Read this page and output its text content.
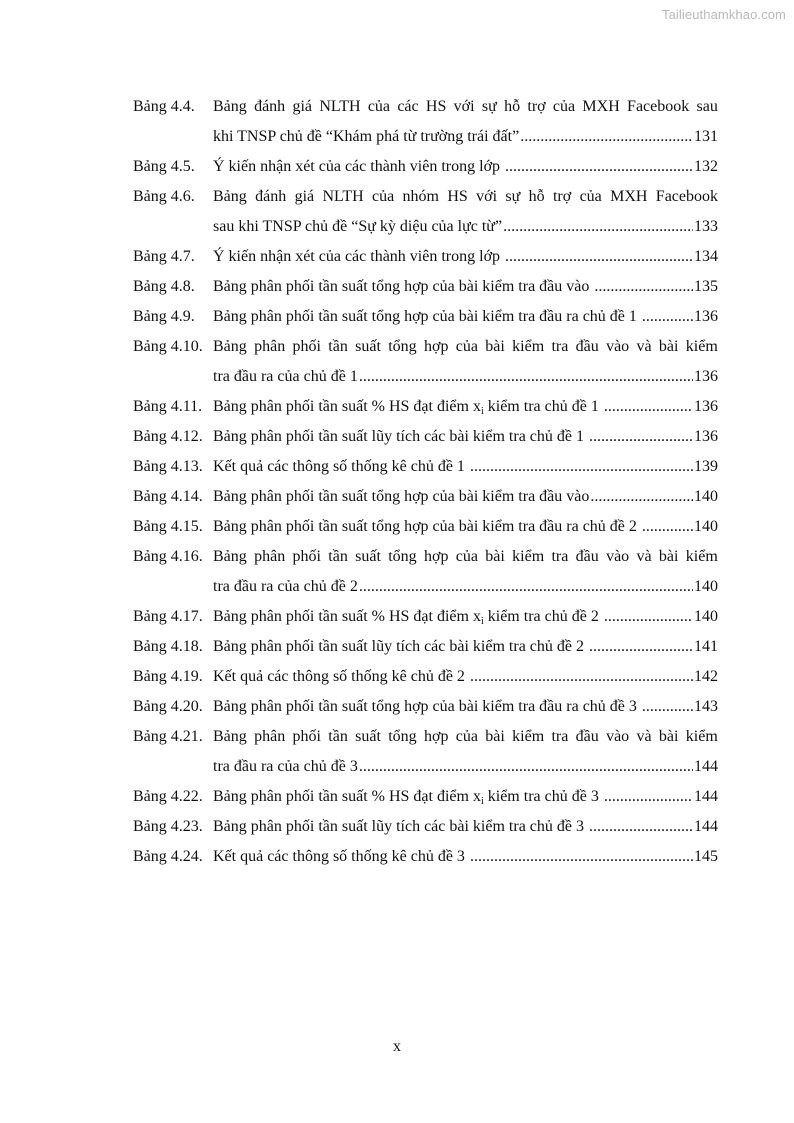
Tailieuthamkhao.com
Bảng 4.4.	Bảng đánh giá NLTH của các HS với sự hỗ trợ của MXH Facebook sau
khi TNSP chủ đề “Khám phá từ trường trái đất” .....	131
Bảng 4.5.	Ý kiến nhận xét của các thành viên trong lớp .....	132
Bảng 4.6.	Bảng đánh giá NLTH của nhóm HS với sự hỗ trợ của MXH Facebook
sau khi TNSP chủ đề “Sự kỳ diệu của lực từ” .....	133
Bảng 4.7.	Ý kiến nhận xét của các thành viên trong lớp .....	134
Bảng 4.8.	Bảng phân phối tần suất tổng hợp của bài kiểm tra đầu vào .....	135
Bảng 4.9.	Bảng phân phối tần suất tổng hợp của bài kiểm tra đầu ra chủ đề 1 .....	136
Bảng 4.10. Bảng phân phối tần suất tổng hợp của bài kiểm tra đầu vào và bài kiểm
tra đầu ra của chủ đề 1 .....	136
Bảng 4.11. Bảng phân phối tần suất % HS đạt điểm $x_i$ kiểm tra chủ đề 1 .....	136
Bảng 4.12. Bảng phân phối tần suất lũy tích các bài kiểm tra chủ đề 1 .....	136
Bảng 4.13. Kết quả các thông số thống kê chủ đề 1 .....	139
Bảng 4.14. Bảng phân phối tần suất tổng hợp của bài kiểm tra đầu vào .....	140
Bảng 4.15. Bảng phân phối tần suất tổng hợp của bài kiểm tra đầu ra chủ đề 2 .....	140
Bảng 4.16. Bảng phân phối tần suất tổng hợp của bài kiểm tra đầu vào và bài kiểm
tra đầu ra của chủ đề 2 .....	140
Bảng 4.17. Bảng phân phối tần suất % HS đạt điểm $x_i$ kiểm tra chủ đề 2 .....	140
Bảng 4.18. Bảng phân phối tần suất lũy tích các bài kiểm tra chủ đề 2 .....	141
Bảng 4.19. Kết quả các thông số thống kê chủ đề 2 .....	142
Bảng 4.20. Bảng phân phối tần suất tổng hợp của bài kiểm tra đầu ra chủ đề 3 .....	143
Bảng 4.21. Bảng phân phối tần suất tổng hợp của bài kiểm tra đầu vào và bài kiểm
tra đầu ra của chủ đề 3 .....	144
Bảng 4.22. Bảng phân phối tần suất % HS đạt điểm $x_i$ kiểm tra chủ đề 3 .....	144
Bảng 4.23. Bảng phân phối tần suất lũy tích các bài kiểm tra chủ đề 3 .....	144
Bảng 4.24. Kết quả các thông số thống kê chủ đề 3 .....	145
x
